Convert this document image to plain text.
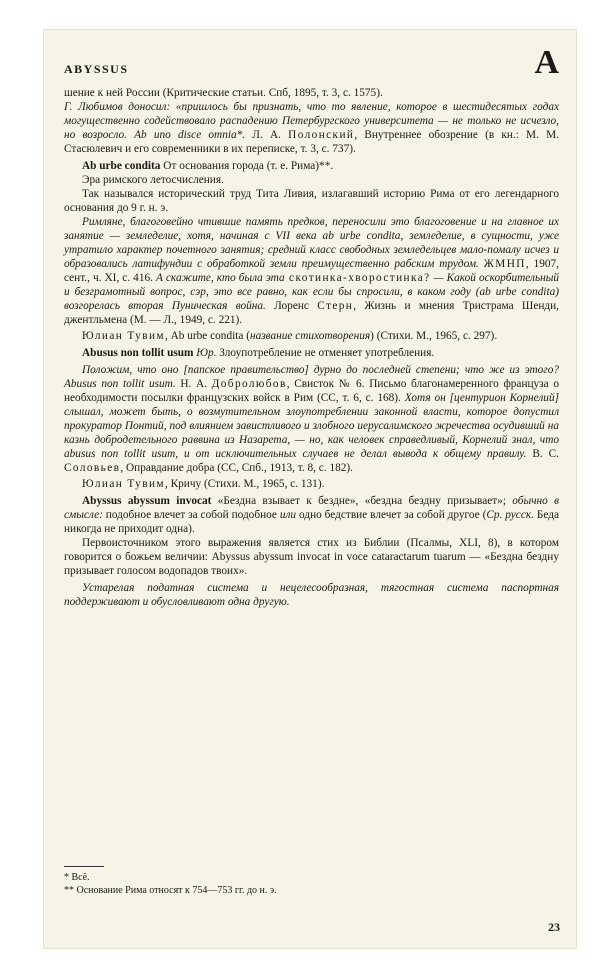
ABYSSUS	A

шение к ней России (Критические статьи. Спб, 1895, т. 3, с. 1575).

Г. Любимов доносил: «пришлось бы признать, что то явление, которое в шестидесятых годах могущественно содействовало распадению Петербургского университета — не только не исчезло, но возросло. Ab uno disce omnia*. Л. А. Полонский, Внутреннее обозрение (в кн.: М. М. Стасюлевич и его современники в их переписке, т. 3, с. 737).

Ab urbe condita От основания города (т. е. Рима)**.

Эра римского летосчисления.

Так назывался исторический труд Тита Ливия, излагавший историю Рима от его легендарного основания до 9 г. н. э.

Римляне, благоговейно чтившие память предков, переносили это благоговение и на главное их занятие — земледелие, хотя, начиная с VII века ab urbe condita, земледелие, в сущности, уже утратило характер почетного занятия; средний класс свободных земледельцев мало-помалу исчез и образовались латифундии с обработкой земли преимущественно рабским трудом. ЖМНП, 1907, сент., ч. XI, с. 416. А скажите, кто была эта скотинка-хворостинка? — Какой оскорбительный и безграмотный вопрос, сэр, это все равно, как если бы спросили, в каком году (ab urbe condita) возгорелась вторая Пуническая война. Лоренс Стерн, Жизнь и мнения Тристрама Шенди, джентльмена (М. — Л., 1949, с. 221).

Юлиан Тувим, Ab urbe condita (название стихотворения) (Стихи. М., 1965, с. 297).

Abusus non tollit usum Юр. Злоупотребление не отменяет употребления.

Положим, что оно [папское правительство] дурно до последней степени; что же из этого? Abusus non tollit usum. Н. А. Добролюбов, Свисток № 6. Письмо благонамеренного француза о необходимости посылки французских войск в Рим (СС, т. 6, с. 168). Хотя он [центурион Корнелий] слышал, может быть, о возмутительном злоупотреблении законной власти, которое допустил прокуратор Понтий, под влиянием завистливого и злобного иерусалимского жречества осудивший на казнь добродетельного раввина из Назарета, — но, как человек справедливый, Корнелий знал, что abusus non tollit usum, и от исключительных случаев не делал вывода к общему правилу. В. С. Соловьев, Оправдание добра (СС, Спб., 1913, т. 8, с. 182).

Юлиан Тувим, Кричу (Стихи. М., 1965, с. 131).

Abyssus abyssum invocat «Бездна взывает к бездне», «бездна бездну призывает»; обычно в смысле: подобное влечет за собой подобное или одно бедствие влечет за собой другое (Ср. русск. Беда никогда не приходит одна).

Первоисточником этого выражения является стих из Библии (Псалмы, XLI, 8), в котором говорится о божьем величии: Abyssus abyssum invocat in voce cataractarum tuarum — «Бездна бездну призывает голосом водопадов твоих».

Устарелая податная система и нецелесообразная, тягостная система паспортная поддерживают и обусловливают одна другую.

* Всё.
** Основание Рима относят к 754—753 гг. до н. э.
23
